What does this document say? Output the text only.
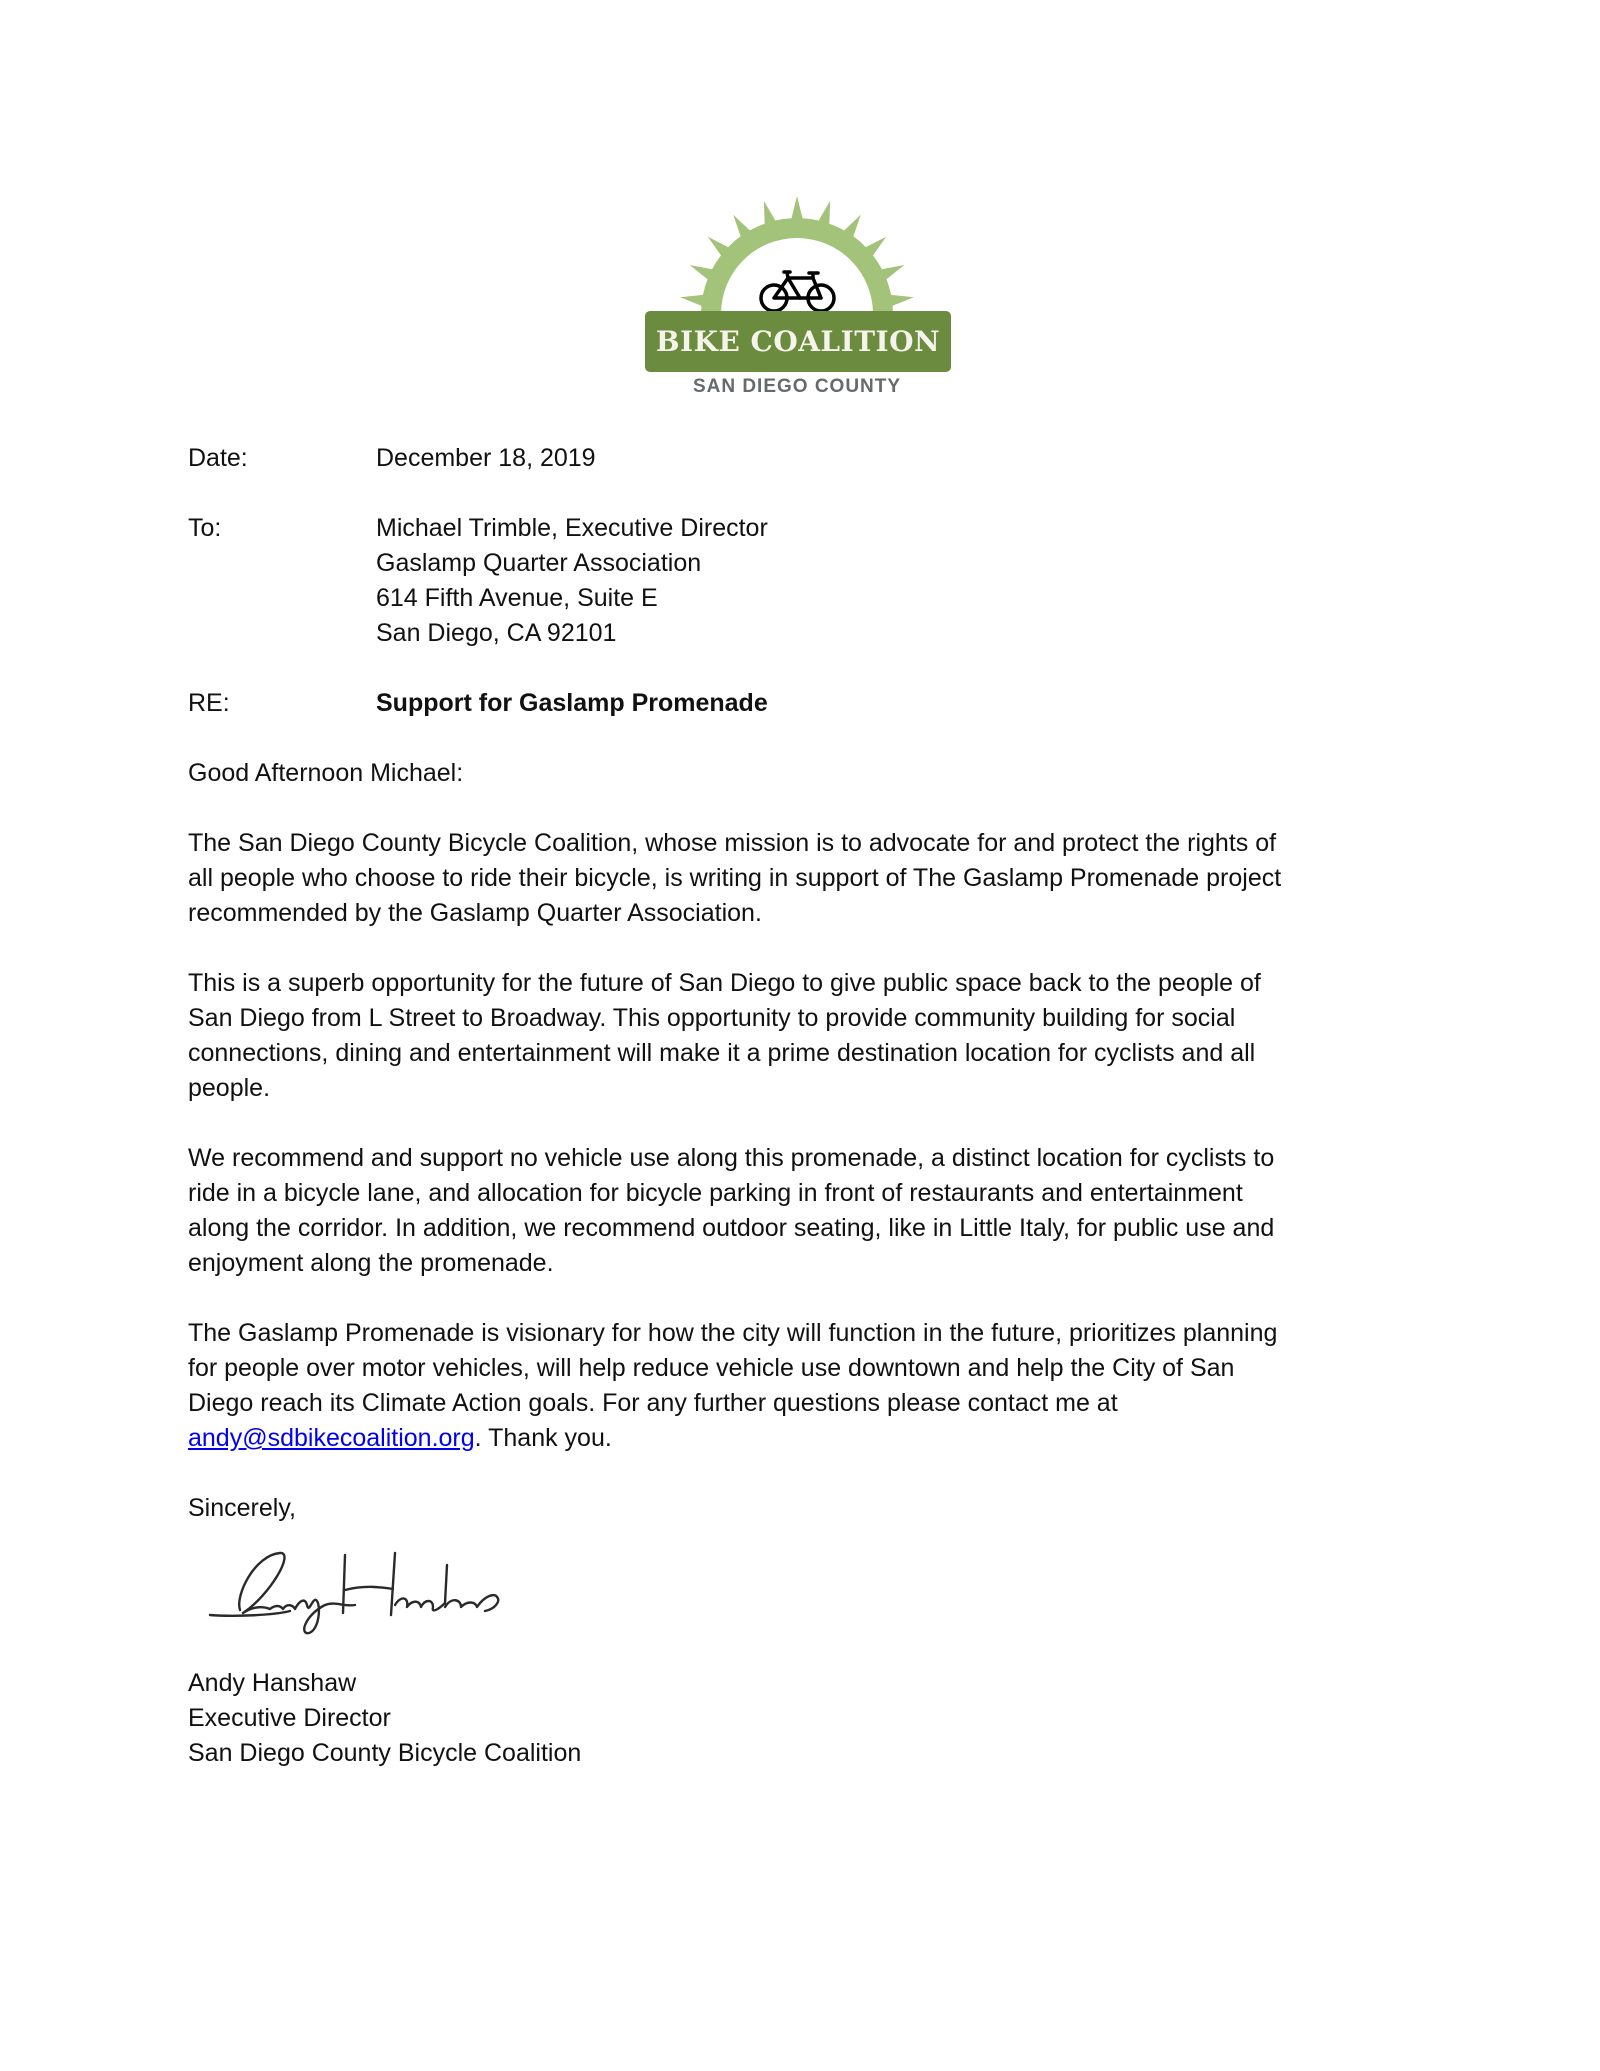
BIKE COALITION
SAN DIEGO COUNTY
Date:	December 18, 2019
To:	Michael Trimble, Executive Director
Gaslamp Quarter Association
614 Fifth Avenue, Suite E
San Diego, CA 92101
RE:	Support for Gaslamp Promenade
Good Afternoon Michael:
The San Diego County Bicycle Coalition, whose mission is to advocate for and protect the rights of
all people who choose to ride their bicycle, is writing in support of The Gaslamp Promenade project
recommended by the Gaslamp Quarter Association.
This is a superb opportunity for the future of San Diego to give public space back to the people of
San Diego from L Street to Broadway. This opportunity to provide community building for social
connections, dining and entertainment will make it a prime destination location for cyclists and all
people.
We recommend and support no vehicle use along this promenade, a distinct location for cyclists to
ride in a bicycle lane, and allocation for bicycle parking in front of restaurants and entertainment
along the corridor. In addition, we recommend outdoor seating, like in Little Italy, for public use and
enjoyment along the promenade.
The Gaslamp Promenade is visionary for how the city will function in the future, prioritizes planning
for people over motor vehicles, will help reduce vehicle use downtown and help the City of San
Diego reach its Climate Action goals. For any further questions please contact me at
andy@sdbikecoalition.org. Thank you.
Sincerely,
Andy Hanshaw
Executive Director
San Diego County Bicycle Coalition
